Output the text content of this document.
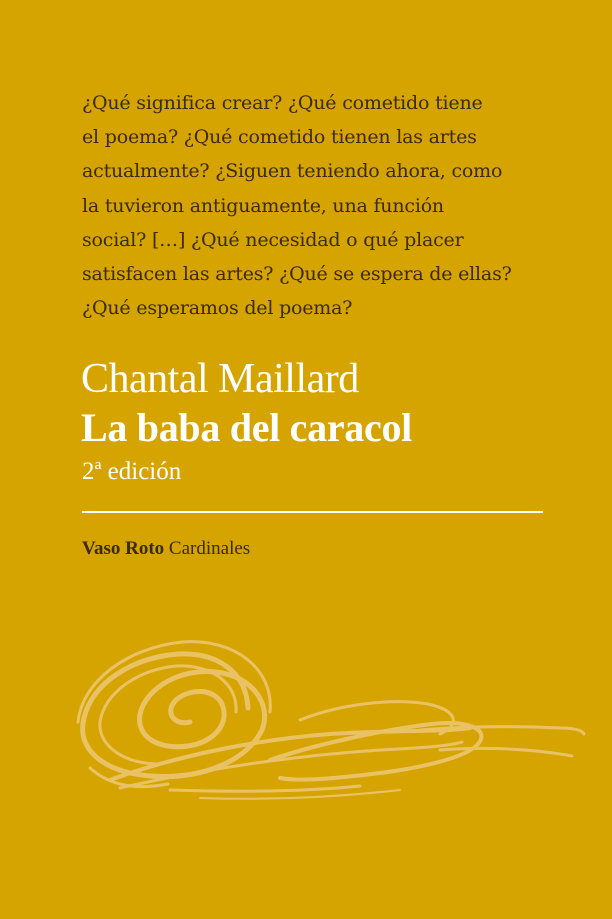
¿Qué significa crear? ¿Qué cometido tiene
el poema? ¿Qué cometido tienen las artes
actualmente? ¿Siguen teniendo ahora, como
la tuvieron antiguamente, una función
social? […] ¿Qué necesidad o qué placer
satisfacen las artes? ¿Qué se espera de ellas?
¿Qué esperamos del poema?

Chantal Maillard
La baba del caracol

2ª edición

Vaso Roto Cardinales
